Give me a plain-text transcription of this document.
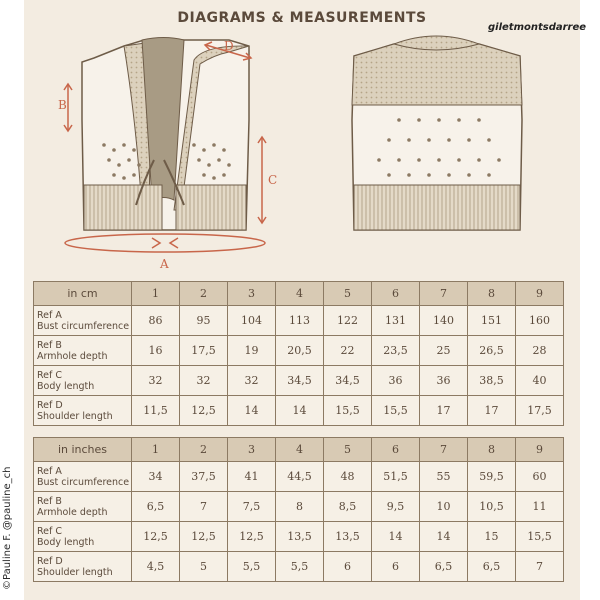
DIAGRAMS & MEASUREMENTS
giletmontsdarree
B
C
D
A
in cm	1	2	3	4	5	6	7	8	9
Ref A
Bust circumference	86	95	104	113	122	131	140	151	160
Ref B
Armhole depth	16	17,5	19	20,5	22	23,5	25	26,5	28
Ref C
Body length	32	32	32	34,5	34,5	36	36	38,5	40
Ref D
Shoulder length	11,5	12,5	14	14	15,5	15,5	17	17	17,5
in inches	1	2	3	4	5	6	7	8	9
Ref A
Bust circumference	34	37,5	41	44,5	48	51,5	55	59,5	60
Ref B
Armhole depth	6,5	7	7,5	8	8,5	9,5	10	10,5	11
Ref C
Body length	12,5	12,5	12,5	13,5	13,5	14	14	15	15,5
Ref D
Shoulder length	4,5	5	5,5	5,5	6	6	6,5	6,5	7
©Pauline F. @pauline_ch
